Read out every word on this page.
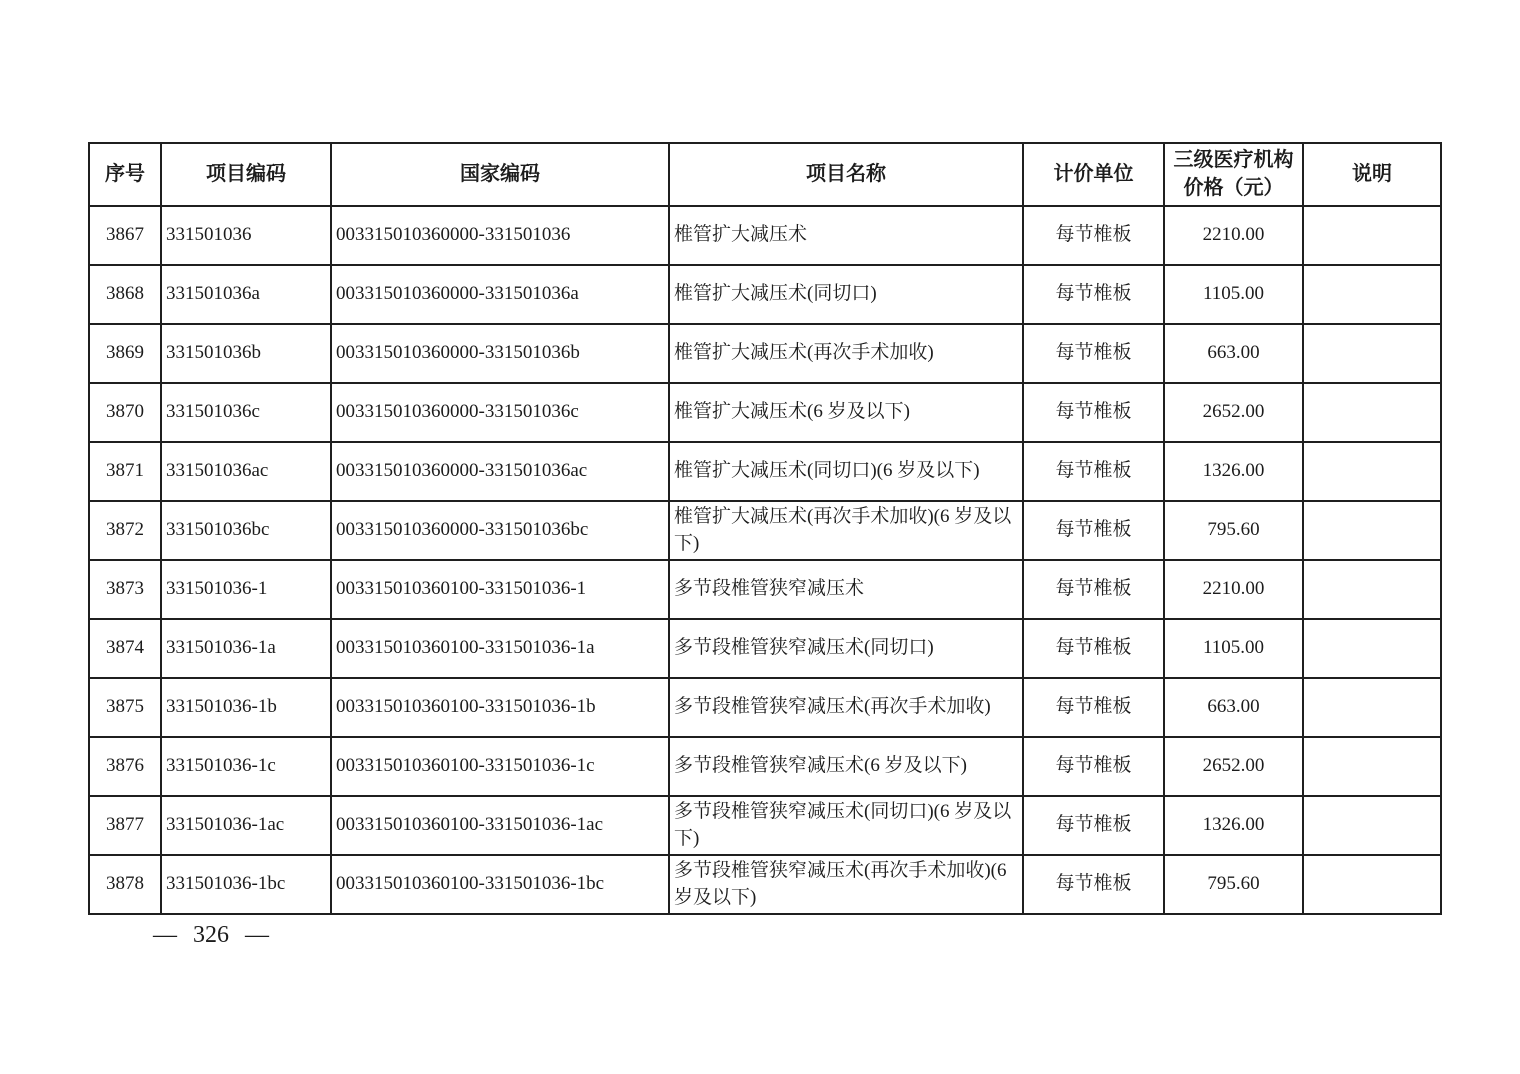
序号	项目编码	国家编码	项目名称	计价单位	三级医疗机构价格（元）	说明
3867	331501036	003315010360000-331501036	椎管扩大减压术	每节椎板	2210.00	
3868	331501036a	003315010360000-331501036a	椎管扩大减压术(同切口)	每节椎板	1105.00	
3869	331501036b	003315010360000-331501036b	椎管扩大减压术(再次手术加收)	每节椎板	663.00	
3870	331501036c	003315010360000-331501036c	椎管扩大减压术(6 岁及以下)	每节椎板	2652.00	
3871	331501036ac	003315010360000-331501036ac	椎管扩大减压术(同切口)(6 岁及以下)	每节椎板	1326.00	
3872	331501036bc	003315010360000-331501036bc	椎管扩大减压术(再次手术加收)(6 岁及以下)	每节椎板	795.60	
3873	331501036-1	003315010360100-331501036-1	多节段椎管狭窄减压术	每节椎板	2210.00	
3874	331501036-1a	003315010360100-331501036-1a	多节段椎管狭窄减压术(同切口)	每节椎板	1105.00	
3875	331501036-1b	003315010360100-331501036-1b	多节段椎管狭窄减压术(再次手术加收)	每节椎板	663.00	
3876	331501036-1c	003315010360100-331501036-1c	多节段椎管狭窄减压术(6 岁及以下)	每节椎板	2652.00	
3877	331501036-1ac	003315010360100-331501036-1ac	多节段椎管狭窄减压术(同切口)(6 岁及以下)	每节椎板	1326.00	
3878	331501036-1bc	003315010360100-331501036-1bc	多节段椎管狭窄减压术(再次手术加收)(6 岁及以下)	每节椎板	795.60	
— 326 —
